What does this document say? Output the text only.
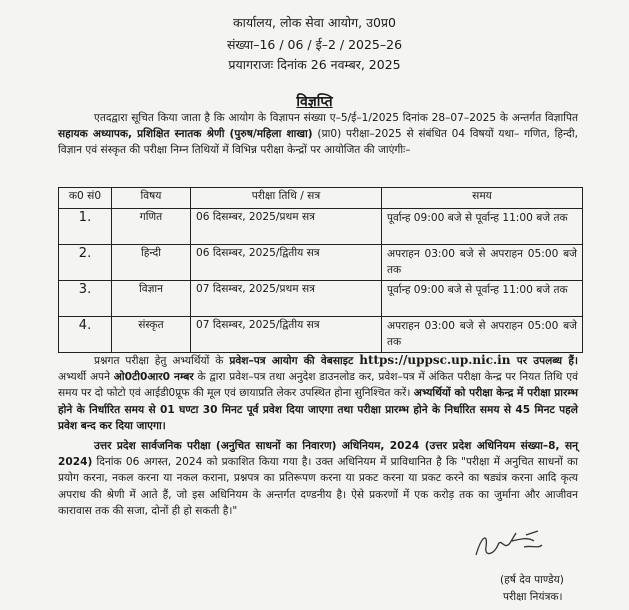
कार्यालय, लोक सेवा आयोग, उ0प्र0
संख्या–16 / 06 / ई–2 / 2025–26
प्रयागराजः दिनांक 26 नवम्बर, 2025
विज्ञप्ति
एतदद्वारा सूचित किया जाता है कि आयोग के विज्ञापन संख्या ए–5/ई–1/2025 दिनांक 28–07–2025 के अन्तर्गत विज्ञापित सहायक अध्यापक, प्रशिक्षित स्नातक श्रेणी (पुरुष/महिला शाखा) (प्रा0) परीक्षा–2025 से संबंधित 04 विषयों यथा– गणित, हिन्दी, विज्ञान एवं संस्कृत की परीक्षा निम्न तिथियों में विभिन्न परीक्षा केन्द्रों पर आयोजित की जाएंगीः–
क0 सं0	विषय	परीक्षा तिथि / सत्र	समय
1.	गणित	06 दिसम्बर, 2025/प्रथम सत्र	पूर्वान्ह 09:00 बजे से पूर्वान्ह 11:00 बजे तक
2.	हिन्दी	06 दिसम्बर, 2025/द्वितीय सत्र	अपराहन 03:00 बजे से अपराहन 05:00 बजे तक
3.	विज्ञान	07 दिसम्बर, 2025/प्रथम सत्र	पूर्वान्ह 09:00 बजे से पूर्वान्ह 11:00 बजे तक
4.	संस्कृत	07 दिसम्बर, 2025/द्वितीय सत्र	अपराहन 03:00 बजे से अपराहन 05:00 बजे तक
प्रश्नगत परीक्षा हेतु अभ्यर्थियों के प्रवेश–पत्र आयोग की वेबसाइट https://uppsc.up.nic.in पर उपलब्ध हैं। अभ्यर्थी अपने ओ0टी0आर0 नम्बर के द्वारा प्रवेश–पत्र तथा अनुदेश डाउनलोड कर, प्रवेश–पत्र में अंकित परीक्षा केन्द्र पर नियत तिथि एवं समय पर दो फोटो एवं आईडी0प्रूफ की मूल एवं छायाप्रति लेकर उपस्थित होना सुनिश्चित करें। अभ्यर्थियों को परीक्षा केन्द्र में परीक्षा प्रारम्भ होने के निर्धारित समय से 01 घण्टा 30 मिनट पूर्व प्रवेश दिया जाएगा तथा परीक्षा प्रारम्भ होने के निर्धारित समय से 45 मिनट पहले प्रवेश बन्द कर दिया जाएगा।
उत्तर प्रदेश सार्वजनिक परीक्षा (अनुचित साधनों का निवारण) अधिनियम, 2024 (उत्तर प्रदेश अधिनियम संख्या–8, सन् 2024) दिनांक 06 अगस्त, 2024 को प्रकाशित किया गया है। उक्त अधिनियम में प्राविधानित है कि "परीक्षा में अनुचित साधनों का प्रयोग करना, नकल करना या नकल कराना, प्रश्नपत्र का प्रतिरूपण करना या प्रकट करना या प्रकट करने का षड्यंत्र करना आदि कृत्य अपराध की श्रेणी में आते हैं, जो इस अधिनियम के अन्तर्गत दण्डनीय है। ऐसे प्रकरणों में एक करोड़ तक का जुर्माना और आजीवन कारावास तक की सजा, दोनों ही हो सकती है।"
(हर्ष देव पाण्डेय)
परीक्षा नियंत्रक।
